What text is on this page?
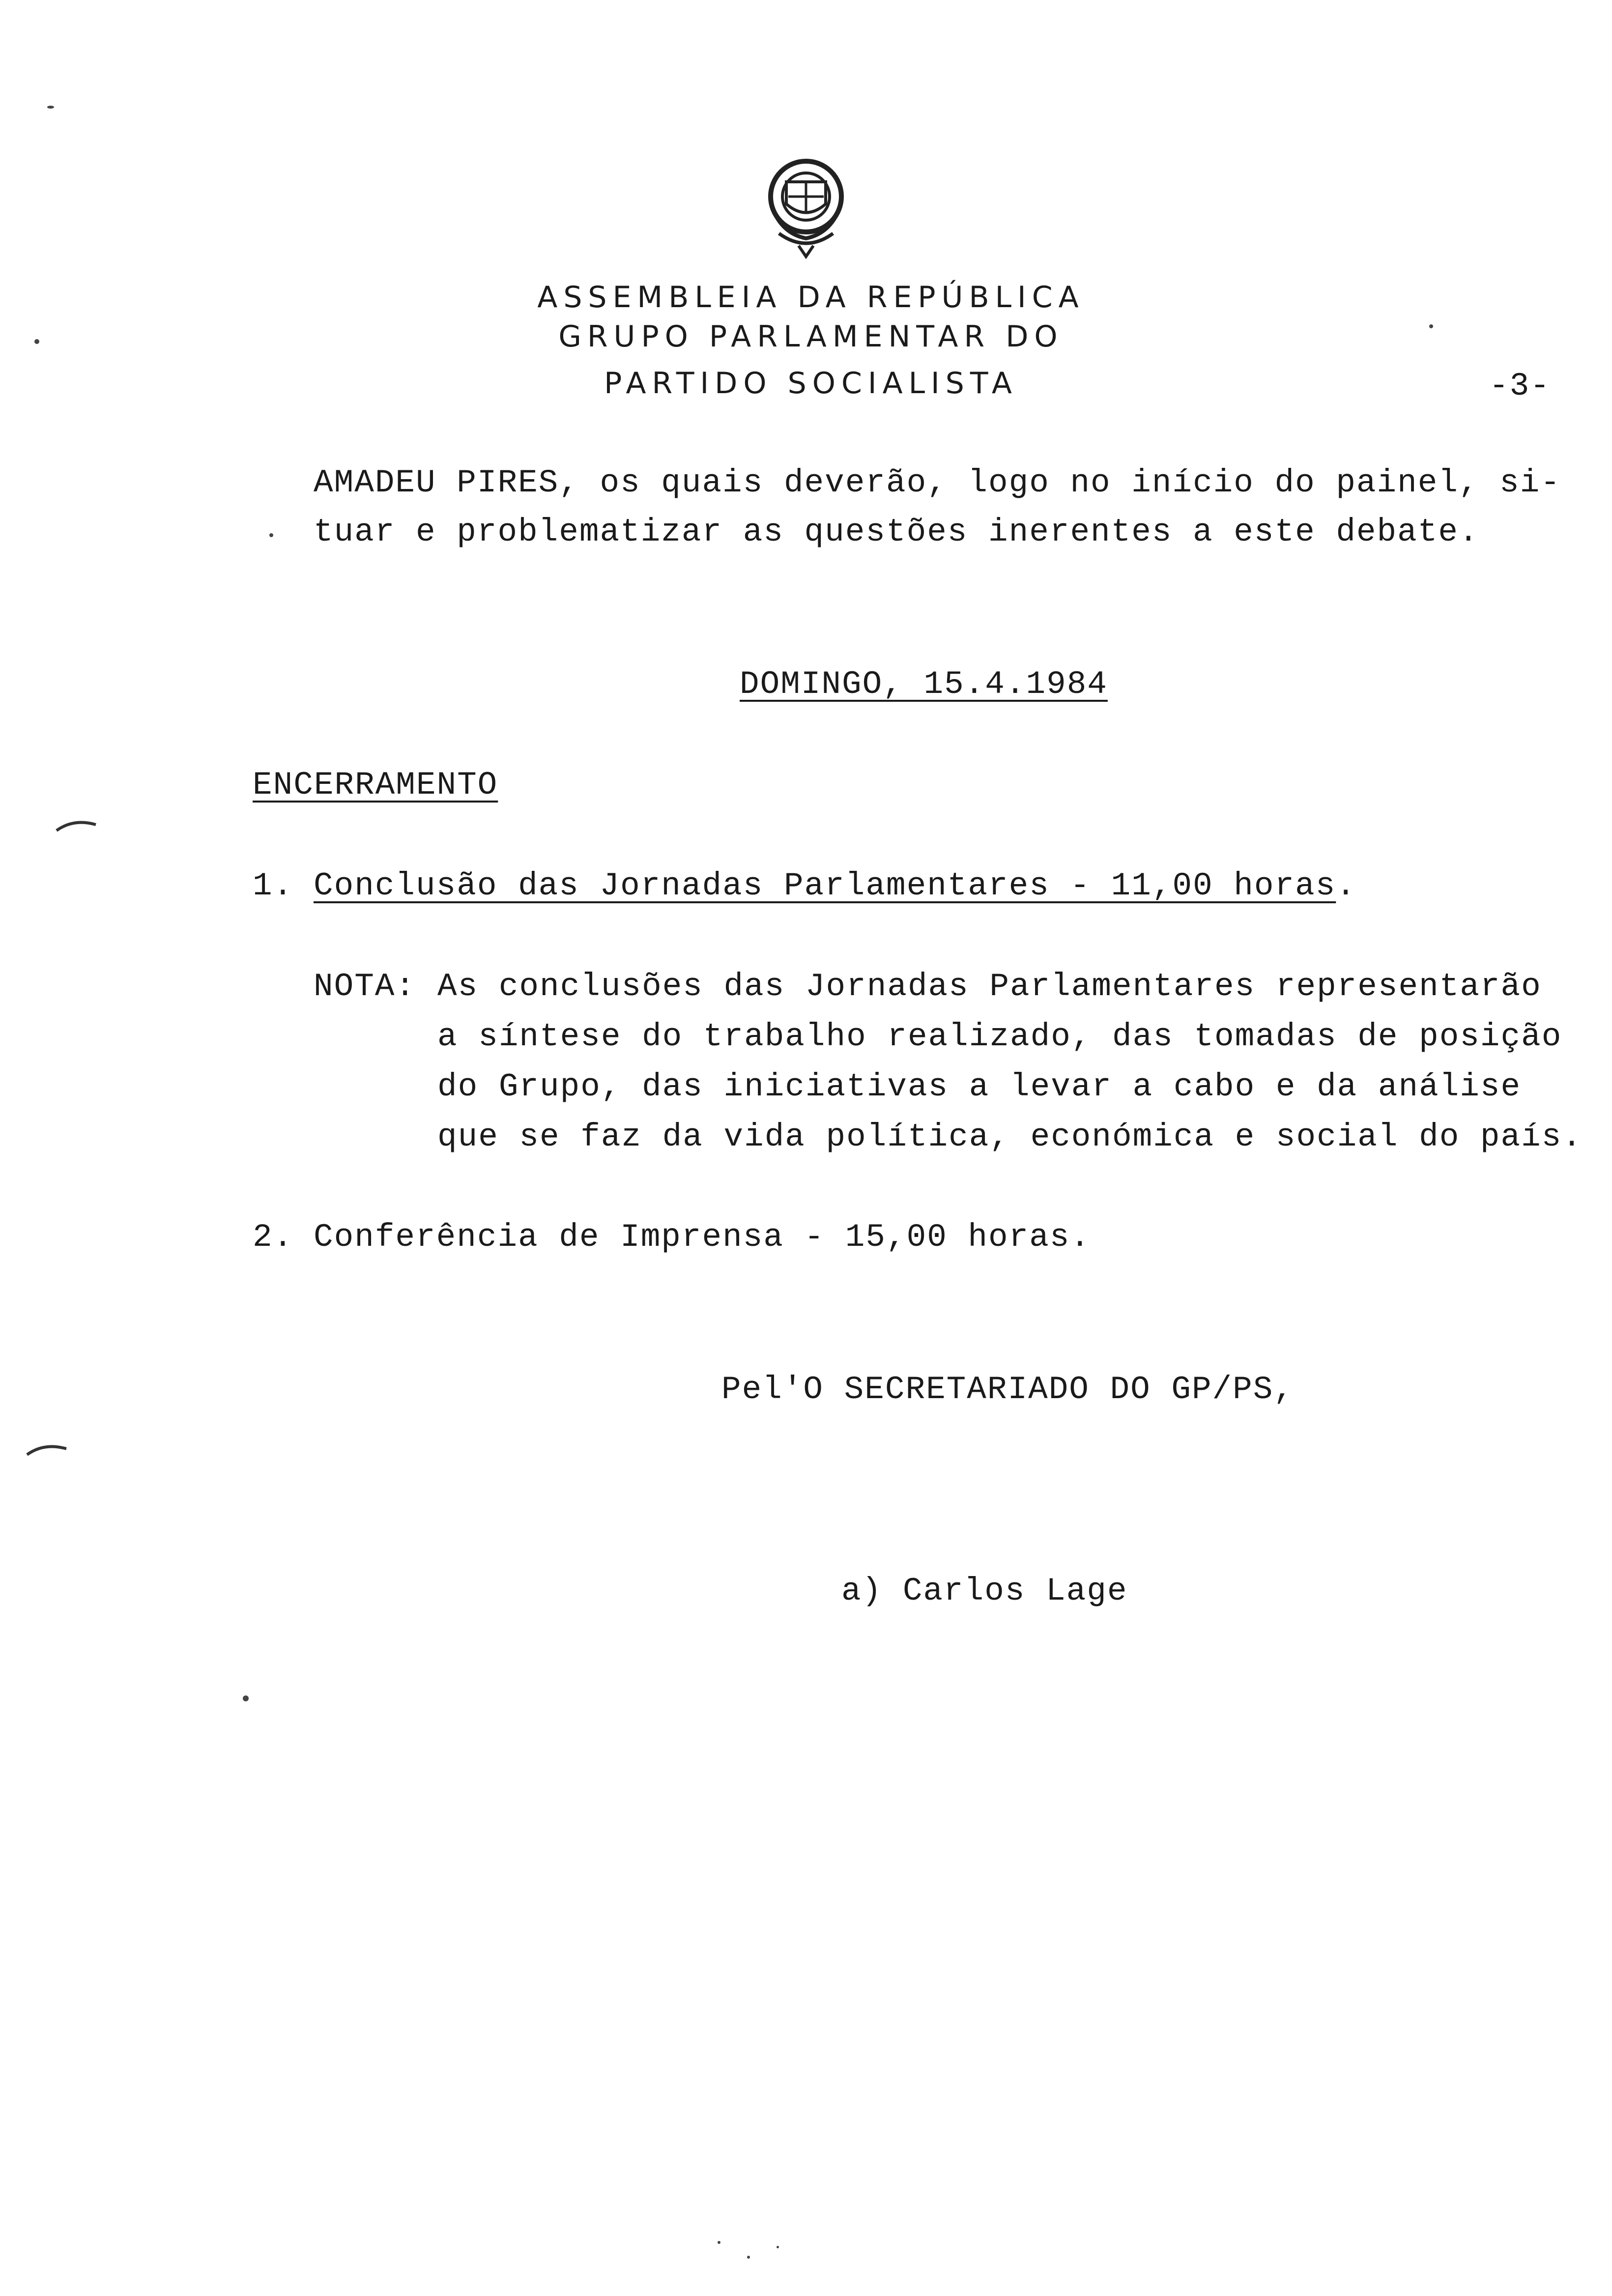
ASSEMBLEIA DA REPÚBLICA
GRUPO PARLAMENTAR DO
PARTIDO SOCIALISTA	-3-
AMADEU PIRES, os quais deverão, logo no início do painel, si-
tuar e problematizar as questões inerentes a este debate.
DOMINGO, 15.4.1984
ENCERRAMENTO
1. Conclusão das Jornadas Parlamentares - 11,00 horas.
NOTA: As conclusões das Jornadas Parlamentares representarão
a síntese do trabalho realizado, das tomadas de posição
do Grupo, das iniciativas a levar a cabo e da análise
que se faz da vida política, económica e social do país.
2. Conferência de Imprensa - 15,00 horas.
Pel'O SECRETARIADO DO GP/PS,
a) Carlos Lage
